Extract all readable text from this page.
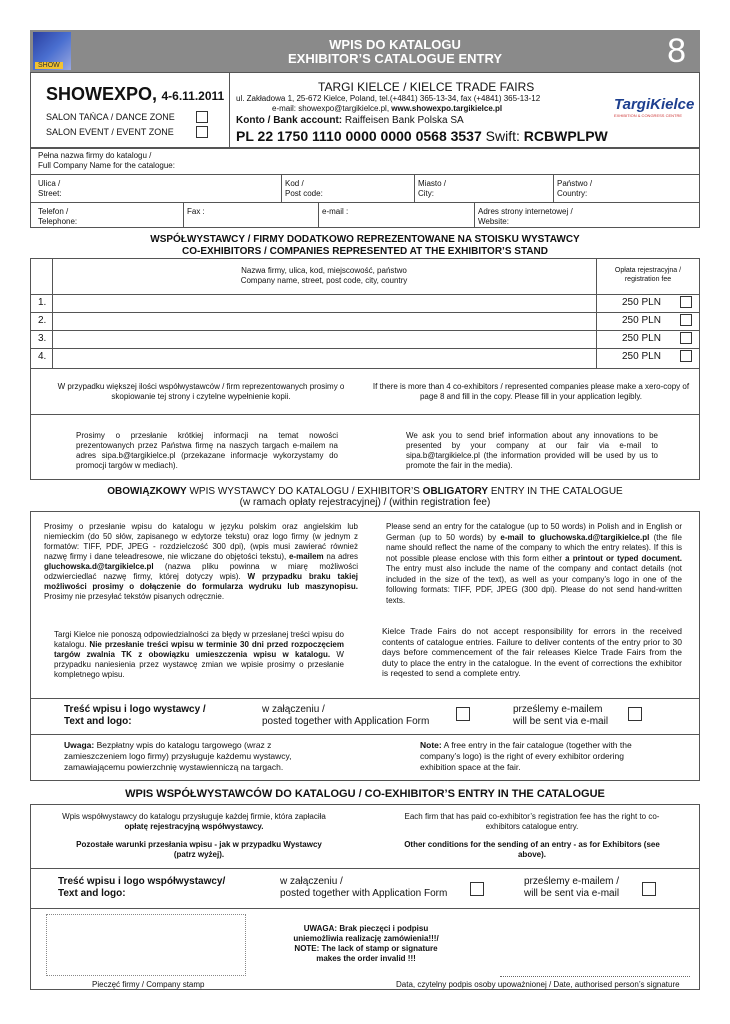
WPIS DO KATALOGU
EXHIBITOR’S CATALOGUE ENTRY	8
SHOW
SHOWEXPO, 4-6.11.2011
SALON TAŃCA / DANCE ZONE
SALON EVENT / EVENT ZONE
TARGI KIELCE / KIELCE TRADE FAIRS
ul. Zakładowa 1, 25-672 Kielce, Poland, tel.(+4841) 365-13-34, fax (+4841) 365-13-12
e-mail: showexpo@targikielce.pl, www.showexpo.targikielce.pl
Konto / Bank account: Raiffeisen Bank Polska SA
PL 22 1750 1110 0000 0000 0568 3537 Swift: RCBWPLPW
TargiKielce
EXHIBITION & CONGRESS CENTRE
Pełna nazwa firmy do katalogu /
Full Company Name for the catalogue:
Ulica /
Street:
Kod /
Post code:
Miasto /
City:
Państwo /
Country:
Telefon /
Telephone:
Fax :	e-mail :	Adres strony internetowej /
Website:
WSPÓŁWYSTAWCY / FIRMY DODATKOWO REPREZENTOWANE NA STOISKU WYSTAWCY
CO-EXHIBITORS / COMPANIES REPRESENTED AT THE EXHIBITOR’S STAND
Nazwa firmy, ulica, kod, miejscowość, państwo
Company name, street, post code, city, country
Opłata rejestracyjna /
registration fee
1.	250 PLN
2.	250 PLN
3.	250 PLN
4.	250 PLN
W przypadku większej ilości współwystawców / firm reprezentowanych prosimy o skopiowanie tej strony i czytelne wypełnienie kopii.
If there is more than 4 co-exhibitors / represented companies please make a xero-copy of page 8 and fill in the copy. Please fill in your application legibly.
Prosimy o przesłanie krótkiej informacji na temat nowości prezentowanych przez Państwa firmę na naszych targach e-mailem na adres sipa.b@targikielce.pl (przekazane informacje wykorzystamy do promocji targów w mediach).
We ask you to send brief information about any innovations to be presented by your company at our fair via e-mail to sipa.b@targikielce.pl (the information provided will be used by us to promote the fair in the media).
OBOWIĄZKOWY WPIS WYSTAWCY DO KATALOGU / EXHIBITOR’S OBLIGATORY ENTRY IN THE CATALOGUE
(w ramach opłaty rejestracyjnej) / (within registration fee)
Prosimy o przesłanie wpisu do katalogu w języku polskim oraz angielskim lub niemieckim (do 50 słów, zapisanego w edytorze tekstu) oraz logo firmy (w jednym z formatów: TIFF, PDF, JPEG - rozdzielczość 300 dpi), (wpis musi zawierać również nazwę firmy i dane teleadresowe, nie wliczane do objętości tekstu), e-mailem na adres gluchowska.d@targikielce.pl (nazwa pliku powinna w miarę możliwości odzwierciedlać nazwę firmy, której dotyczy wpis). W przypadku braku takiej możliwości prosimy o dołączenie do formularza wydruku lub maszynopisu. Prosimy nie przesyłać tekstów pisanych odręcznie.
Please send an entry for the catalogue (up to 50 words) in Polish and in English or German (up to 50 words) by e-mail to gluchowska.d@targikielce.pl (the file name should reflect the name of the company to which the entry relates). If this is not possible please enclose with this form either a printout or typed document. The entry must also include the name of the company and contact details (not included in the size of the text), as well as your company’s logo in one of the following formats: TIFF, PDF, JPEG (300 dpi). Please do not send hand-written texts.
Targi Kielce nie ponoszą odpowiedzialności za błędy w przesłanej treści wpisu do katalogu. Nie przesłanie treści wpisu w terminie 30 dni przed rozpoczęciem targów zwalnia TK z obowiązku umieszczenia wpisu w katalogu. W przypadku naniesienia przez wystawcę zmian we wpisie prosimy o przesłanie kompletnego wpisu.
Kielce Trade Fairs do not accept responsibility for errors in the received contents of catalogue entries. Failure to deliver contents of the entry prior to 30 days before commencement of the fair releases Kielce Trade Fairs from the duty to place the entry in the catalogue. In the event of corrections the exhibitor is reqested to send a complete entry.
Treść wpisu i logo wystawcy /
Text and logo:
w załączeniu /
posted together with Application Form
prześlemy e-mailem
will be sent via e-mail
Uwaga: Bezpłatny wpis do katalogu targowego (wraz z zamieszczeniem logo firmy) przysługuje każdemu wystawcy, zamawiającemu powierzchnię wystawienniczą na targach.
Note: A free entry in the fair catalogue (together with the company’s logo) is the right of every exhibitor ordering exhibition space at the fair.
WPIS WSPÓŁWYSTAWCÓW DO KATALOGU / CO-EXHIBITOR’S ENTRY IN THE CATALOGUE
Wpis współwystawcy do katalogu przysługuje każdej firmie, która zapłaciła opłatę rejestracyjną współwystawcy.
Each firm that has paid co-exhibitor’s registration fee has the right to co-exhibitors catalogue entry.
Pozostałe warunki przesłania wpisu - jak w przypadku Wystawcy (patrz wyżej).
Other conditions for the sending of an entry - as for Exhibitors (see above).
Treść wpisu i logo współwystawcy/
Text and logo:
w załączeniu /
posted together with Application Form
prześlemy e-mailem /
will be sent via e-mail
UWAGA: Brak pieczęci i podpisu
uniemożliwia realizację zamówienia!!!/
NOTE: The lack of stamp or signature
makes the order invalid !!!
Pieczęć firmy / Company stamp	Data, czytelny podpis osoby upoważnionej / Date, authorised person’s signature
